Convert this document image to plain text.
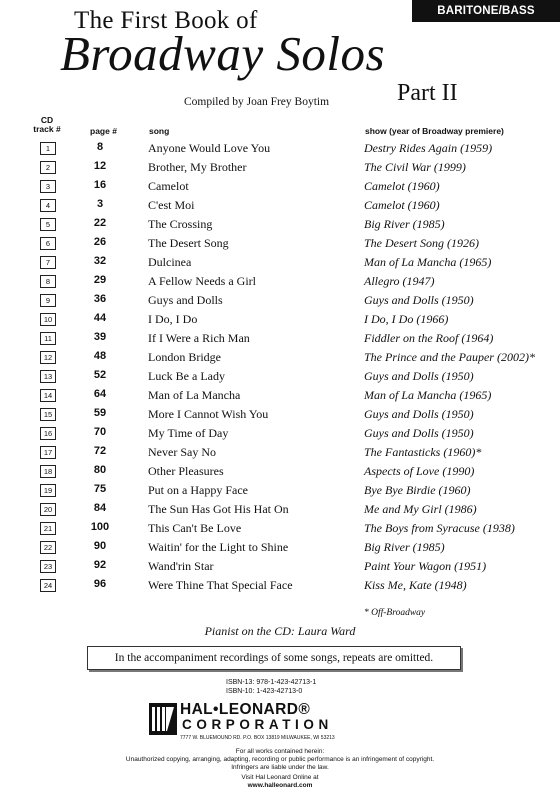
BARITONE/BASS
The First Book of
Broadway Solos
Part II
Compiled by Joan Frey Boytim
CD
track #	page #	song	show (year of Broadway premiere)
1	8	Anyone Would Love You	Destry Rides Again (1959)
2	12	Brother, My Brother	The Civil War (1999)
3	16	Camelot	Camelot (1960)
4	3	C'est Moi	Camelot (1960)
5	22	The Crossing	Big River (1985)
6	26	The Desert Song	The Desert Song (1926)
7	32	Dulcinea	Man of La Mancha (1965)
8	29	A Fellow Needs a Girl	Allegro (1947)
9	36	Guys and Dolls	Guys and Dolls (1950)
10	44	I Do, I Do	I Do, I Do (1966)
11	39	If I Were a Rich Man	Fiddler on the Roof (1964)
12	48	London Bridge	The Prince and the Pauper (2002)*
13	52	Luck Be a Lady	Guys and Dolls (1950)
14	64	Man of La Mancha	Man of La Mancha (1965)
15	59	More I Cannot Wish You	Guys and Dolls (1950)
16	70	My Time of Day	Guys and Dolls (1950)
17	72	Never Say No	The Fantasticks (1960)*
18	80	Other Pleasures	Aspects of Love (1990)
19	75	Put on a Happy Face	Bye Bye Birdie (1960)
20	84	The Sun Has Got His Hat On	Me and My Girl (1986)
21	100	This Can't Be Love	The Boys from Syracuse (1938)
22	90	Waitin' for the Light to Shine	Big River (1985)
23	92	Wand'rin Star	Paint Your Wagon (1951)
24	96	Were Thine That Special Face	Kiss Me, Kate (1948)
* Off-Broadway
Pianist on the CD: Laura Ward
In the accompaniment recordings of some songs, repeats are omitted.
ISBN-13: 978-1-423-42713-1
ISBN-10: 1-423-42713-0
HAL•LEONARD®
CORPORATION
7777 W. BLUEMOUND RD. P.O. BOX 13819 MILWAUKEE, WI 53213
For all works contained herein:
Unauthorized copying, arranging, adapting, recording or public performance is an infringement of copyright.
Infringers are liable under the law.
Visit Hal Leonard Online at
www.halleonard.com
